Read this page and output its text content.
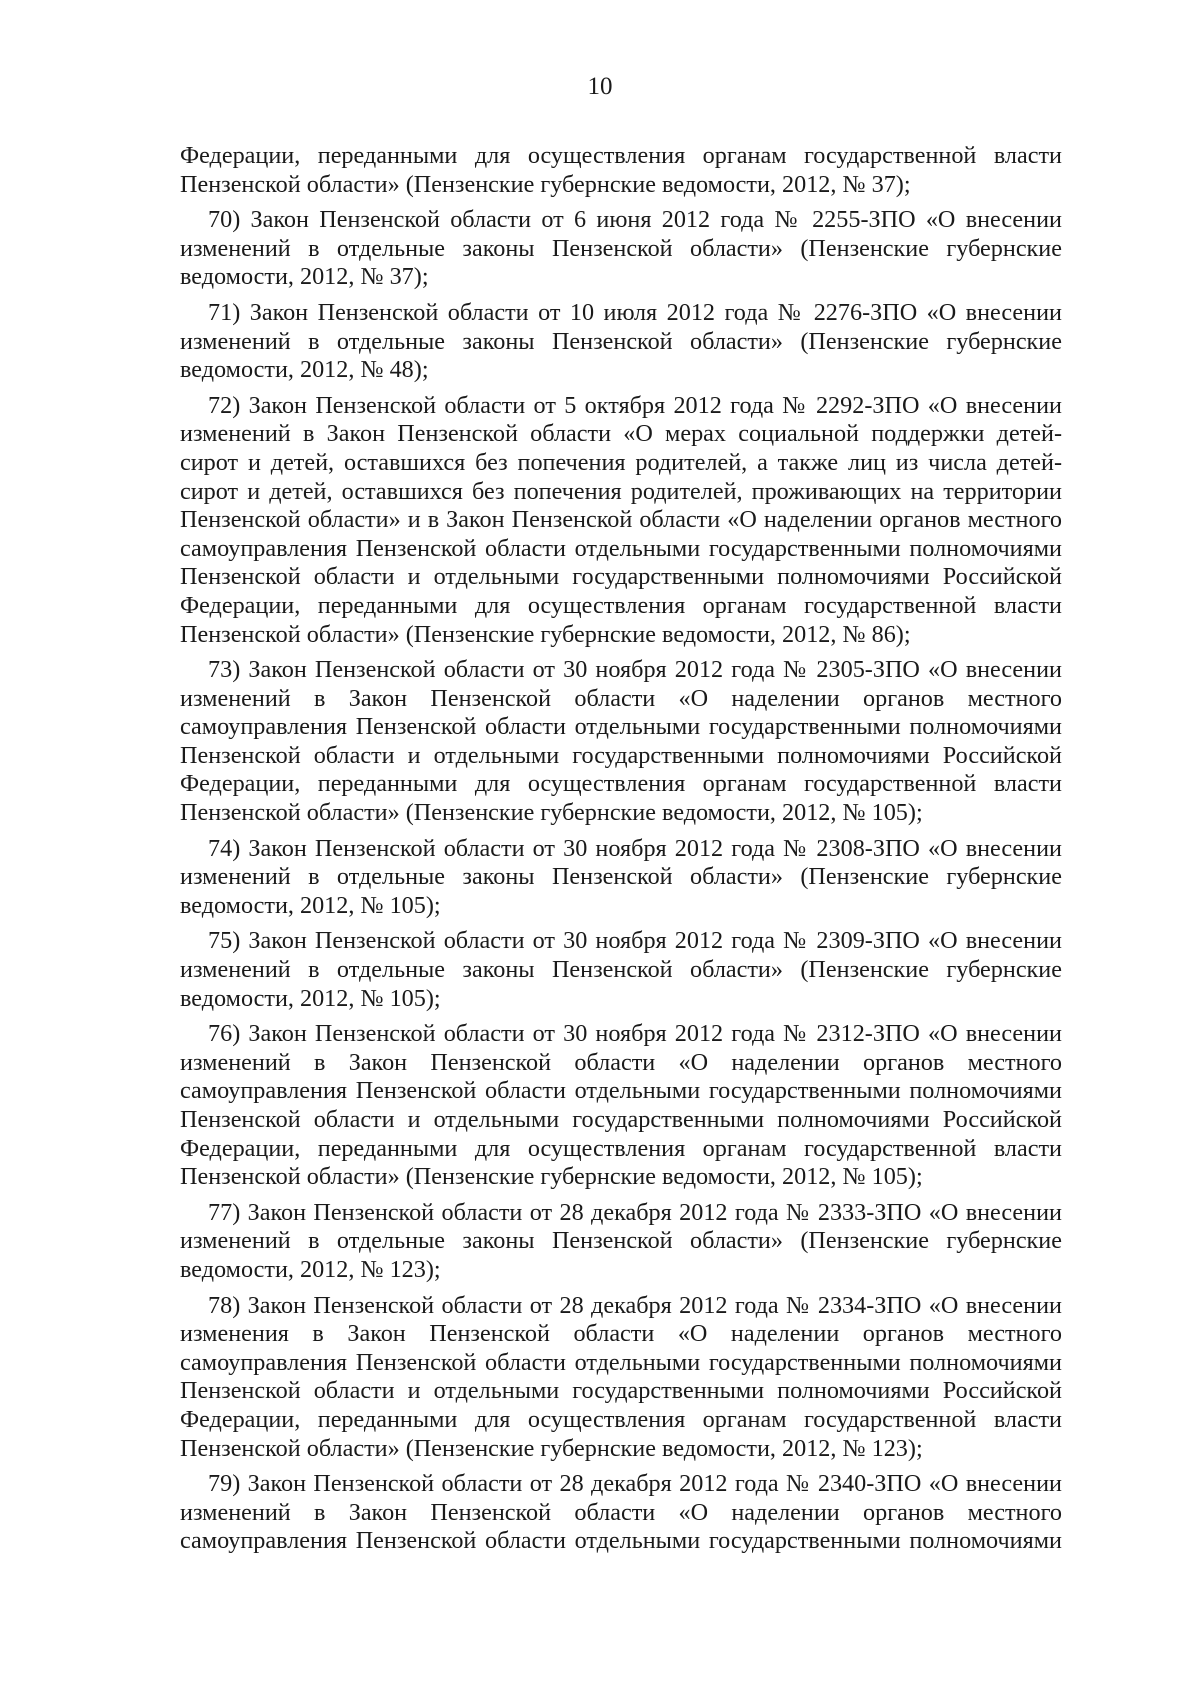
10

Федерации, переданными для осуществления органам государственной власти Пензенской области» (Пензенские губернские ведомости, 2012, № 37);

70) Закон Пензенской области от 6 июня 2012 года № 2255-ЗПО «О внесении изменений в отдельные законы Пензенской области» (Пензенские губернские ведомости, 2012, № 37);

71) Закон Пензенской области от 10 июля 2012 года № 2276-ЗПО «О внесении изменений в отдельные законы Пензенской области» (Пензенские губернские ведомости, 2012, № 48);

72) Закон Пензенской области от 5 октября 2012 года № 2292-ЗПО «О внесении изменений в Закон Пензенской области «О мерах социальной поддержки детей-сирот и детей, оставшихся без попечения родителей, а также лиц из числа детей-сирот и детей, оставшихся без попечения родителей, проживающих на территории Пензенской области» и в Закон Пензенской области «О наделении органов местного самоуправления Пензенской области отдельными государственными полномочиями Пензенской области и отдельными государственными полномочиями Российской Федерации, переданными для осуществления органам государственной власти Пензенской области» (Пензенские губернские ведомости, 2012, № 86);

73) Закон Пензенской области от 30 ноября 2012 года № 2305-ЗПО «О внесении изменений в Закон Пензенской области «О наделении органов местного самоуправления Пензенской области отдельными государственными полномочиями Пензенской области и отдельными государственными полномочиями Российской Федерации, переданными для осуществления органам государственной власти Пензенской области» (Пензенские губернские ведомости, 2012, № 105);

74) Закон Пензенской области от 30 ноября 2012 года № 2308-ЗПО «О внесении изменений в отдельные законы Пензенской области» (Пензенские губернские ведомости, 2012, № 105);

75) Закон Пензенской области от 30 ноября 2012 года № 2309-ЗПО «О внесении изменений в отдельные законы Пензенской области» (Пензенские губернские ведомости, 2012, № 105);

76) Закон Пензенской области от 30 ноября 2012 года № 2312-ЗПО «О внесении изменений в Закон Пензенской области «О наделении органов местного самоуправления Пензенской области отдельными государственными полномочиями Пензенской области и отдельными государственными полномочиями Российской Федерации, переданными для осуществления органам государственной власти Пензенской области» (Пензенские губернские ведомости, 2012, № 105);

77) Закон Пензенской области от 28 декабря 2012 года № 2333-ЗПО «О внесении изменений в отдельные законы Пензенской области» (Пензенские губернские ведомости, 2012, № 123);

78) Закон Пензенской области от 28 декабря 2012 года № 2334-ЗПО «О внесении изменения в Закон Пензенской области «О наделении органов местного самоуправления Пензенской области отдельными государственными полномочиями Пензенской области и отдельными государственными полномочиями Российской Федерации, переданными для осуществления органам государственной власти Пензенской области» (Пензенские губернские ведомости, 2012, № 123);

79) Закон Пензенской области от 28 декабря 2012 года № 2340-ЗПО «О внесении изменений в Закон Пензенской области «О наделении органов местного самоуправления Пензенской области отдельными государственными полномочиями
